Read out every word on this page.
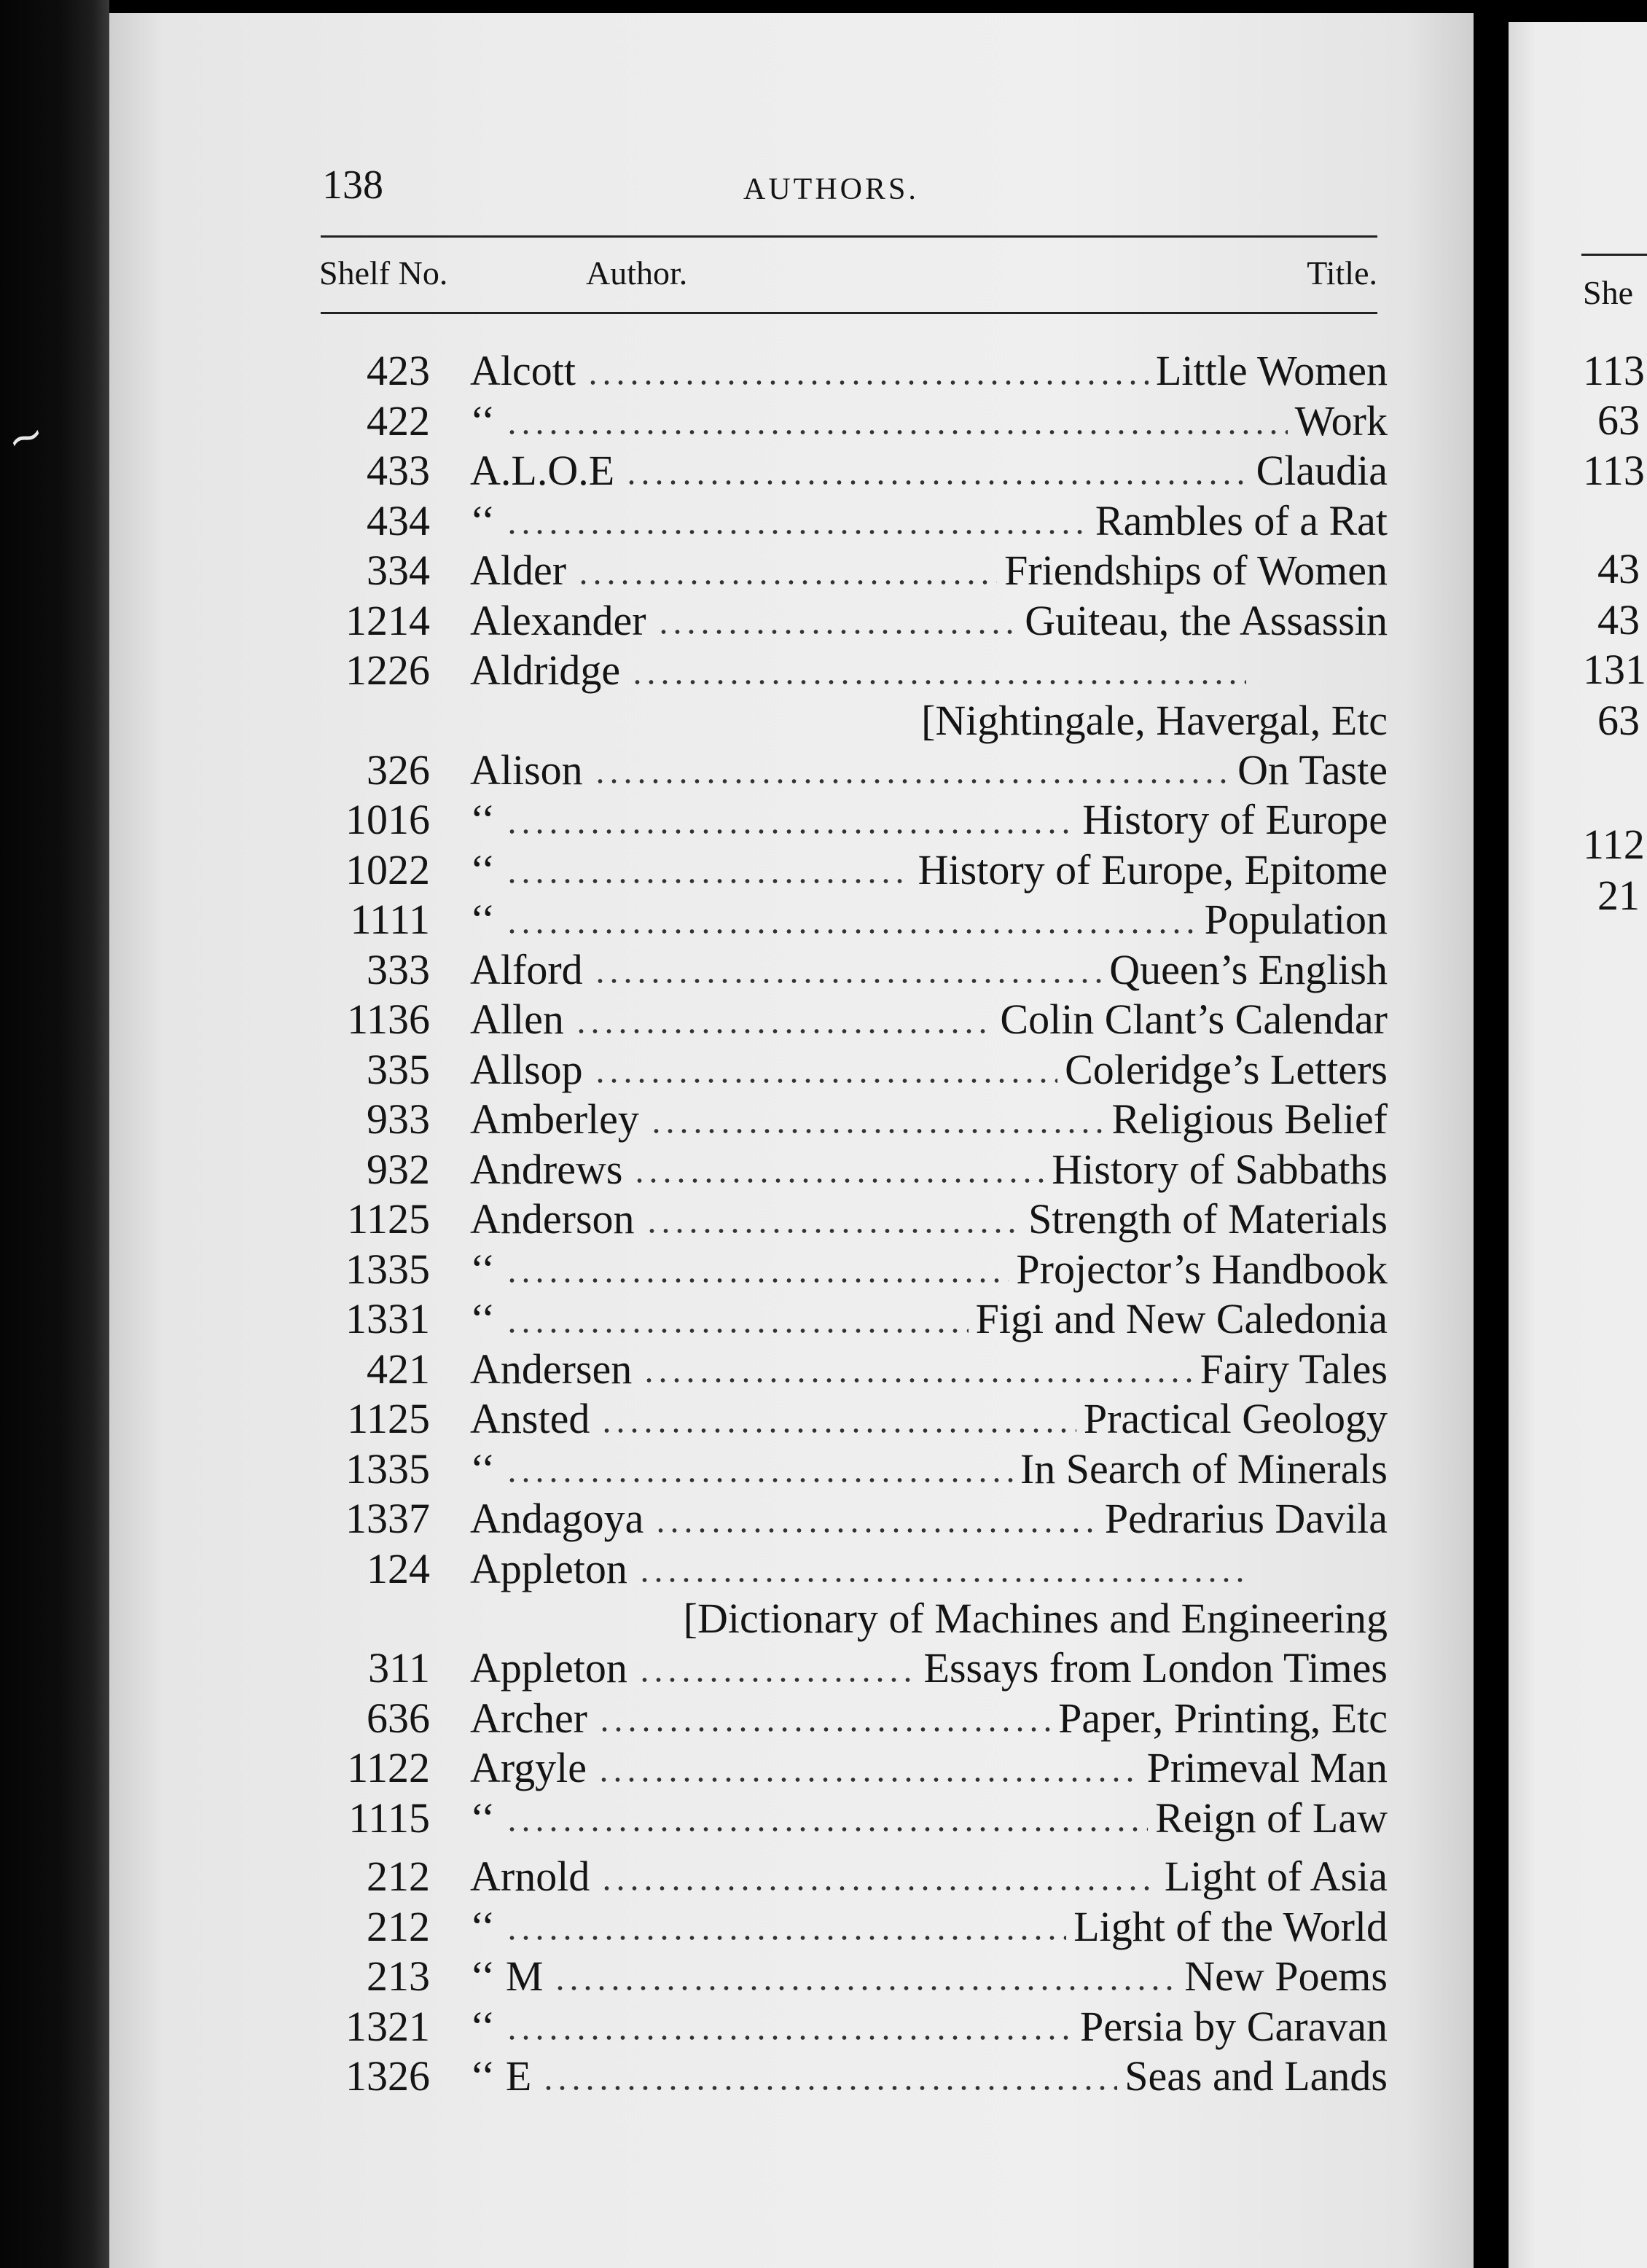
~
138	AUTHORS.
Shelf No.	Author.	Title.
423 Alcott	Little Women
422 ‘‘	Work
433 A.L.O.E	Claudia
434 ‘‘	Rambles of a Rat
334 Alder	Friendships of Women
1214 Alexander	Guiteau, the Assassin
1226 Aldridge
[Nightingale, Havergal, Etc
326 Alison	On Taste
1016 ‘‘	History of Europe
1022 ‘‘	History of Europe, Epitome
1111 ‘‘	Population
333 Alford	Queen’s English
1136 Allen	Colin Clant’s Calendar
335 Allsop	Coleridge’s Letters
933 Amberley	Religious Belief
932 Andrews	History of Sabbaths
1125 Anderson	Strength of Materials
1335 ‘‘	Projector’s Handbook
1331 ‘‘	Figi and New Caledonia
421 Andersen	Fairy Tales
1125 Ansted	Practical Geology
1335 ‘‘	In Search of Minerals
1337 Andagoya	Pedrarius Davila
124 Appleton
[Dictionary of Machines and Engineering
311 Appleton	Essays from London Times
636 Archer	Paper, Printing, Etc
1122 Argyle	Primeval Man
1115 ‘‘	Reign of Law
212 Arnold	Light of Asia
212 ‘‘	Light of the World
213 ‘‘ M	New Poems
1321 ‘‘	Persia by Caravan
1326 ‘‘ E	Seas and Lands
She
113
63
113
43
43
131
63
112
21
